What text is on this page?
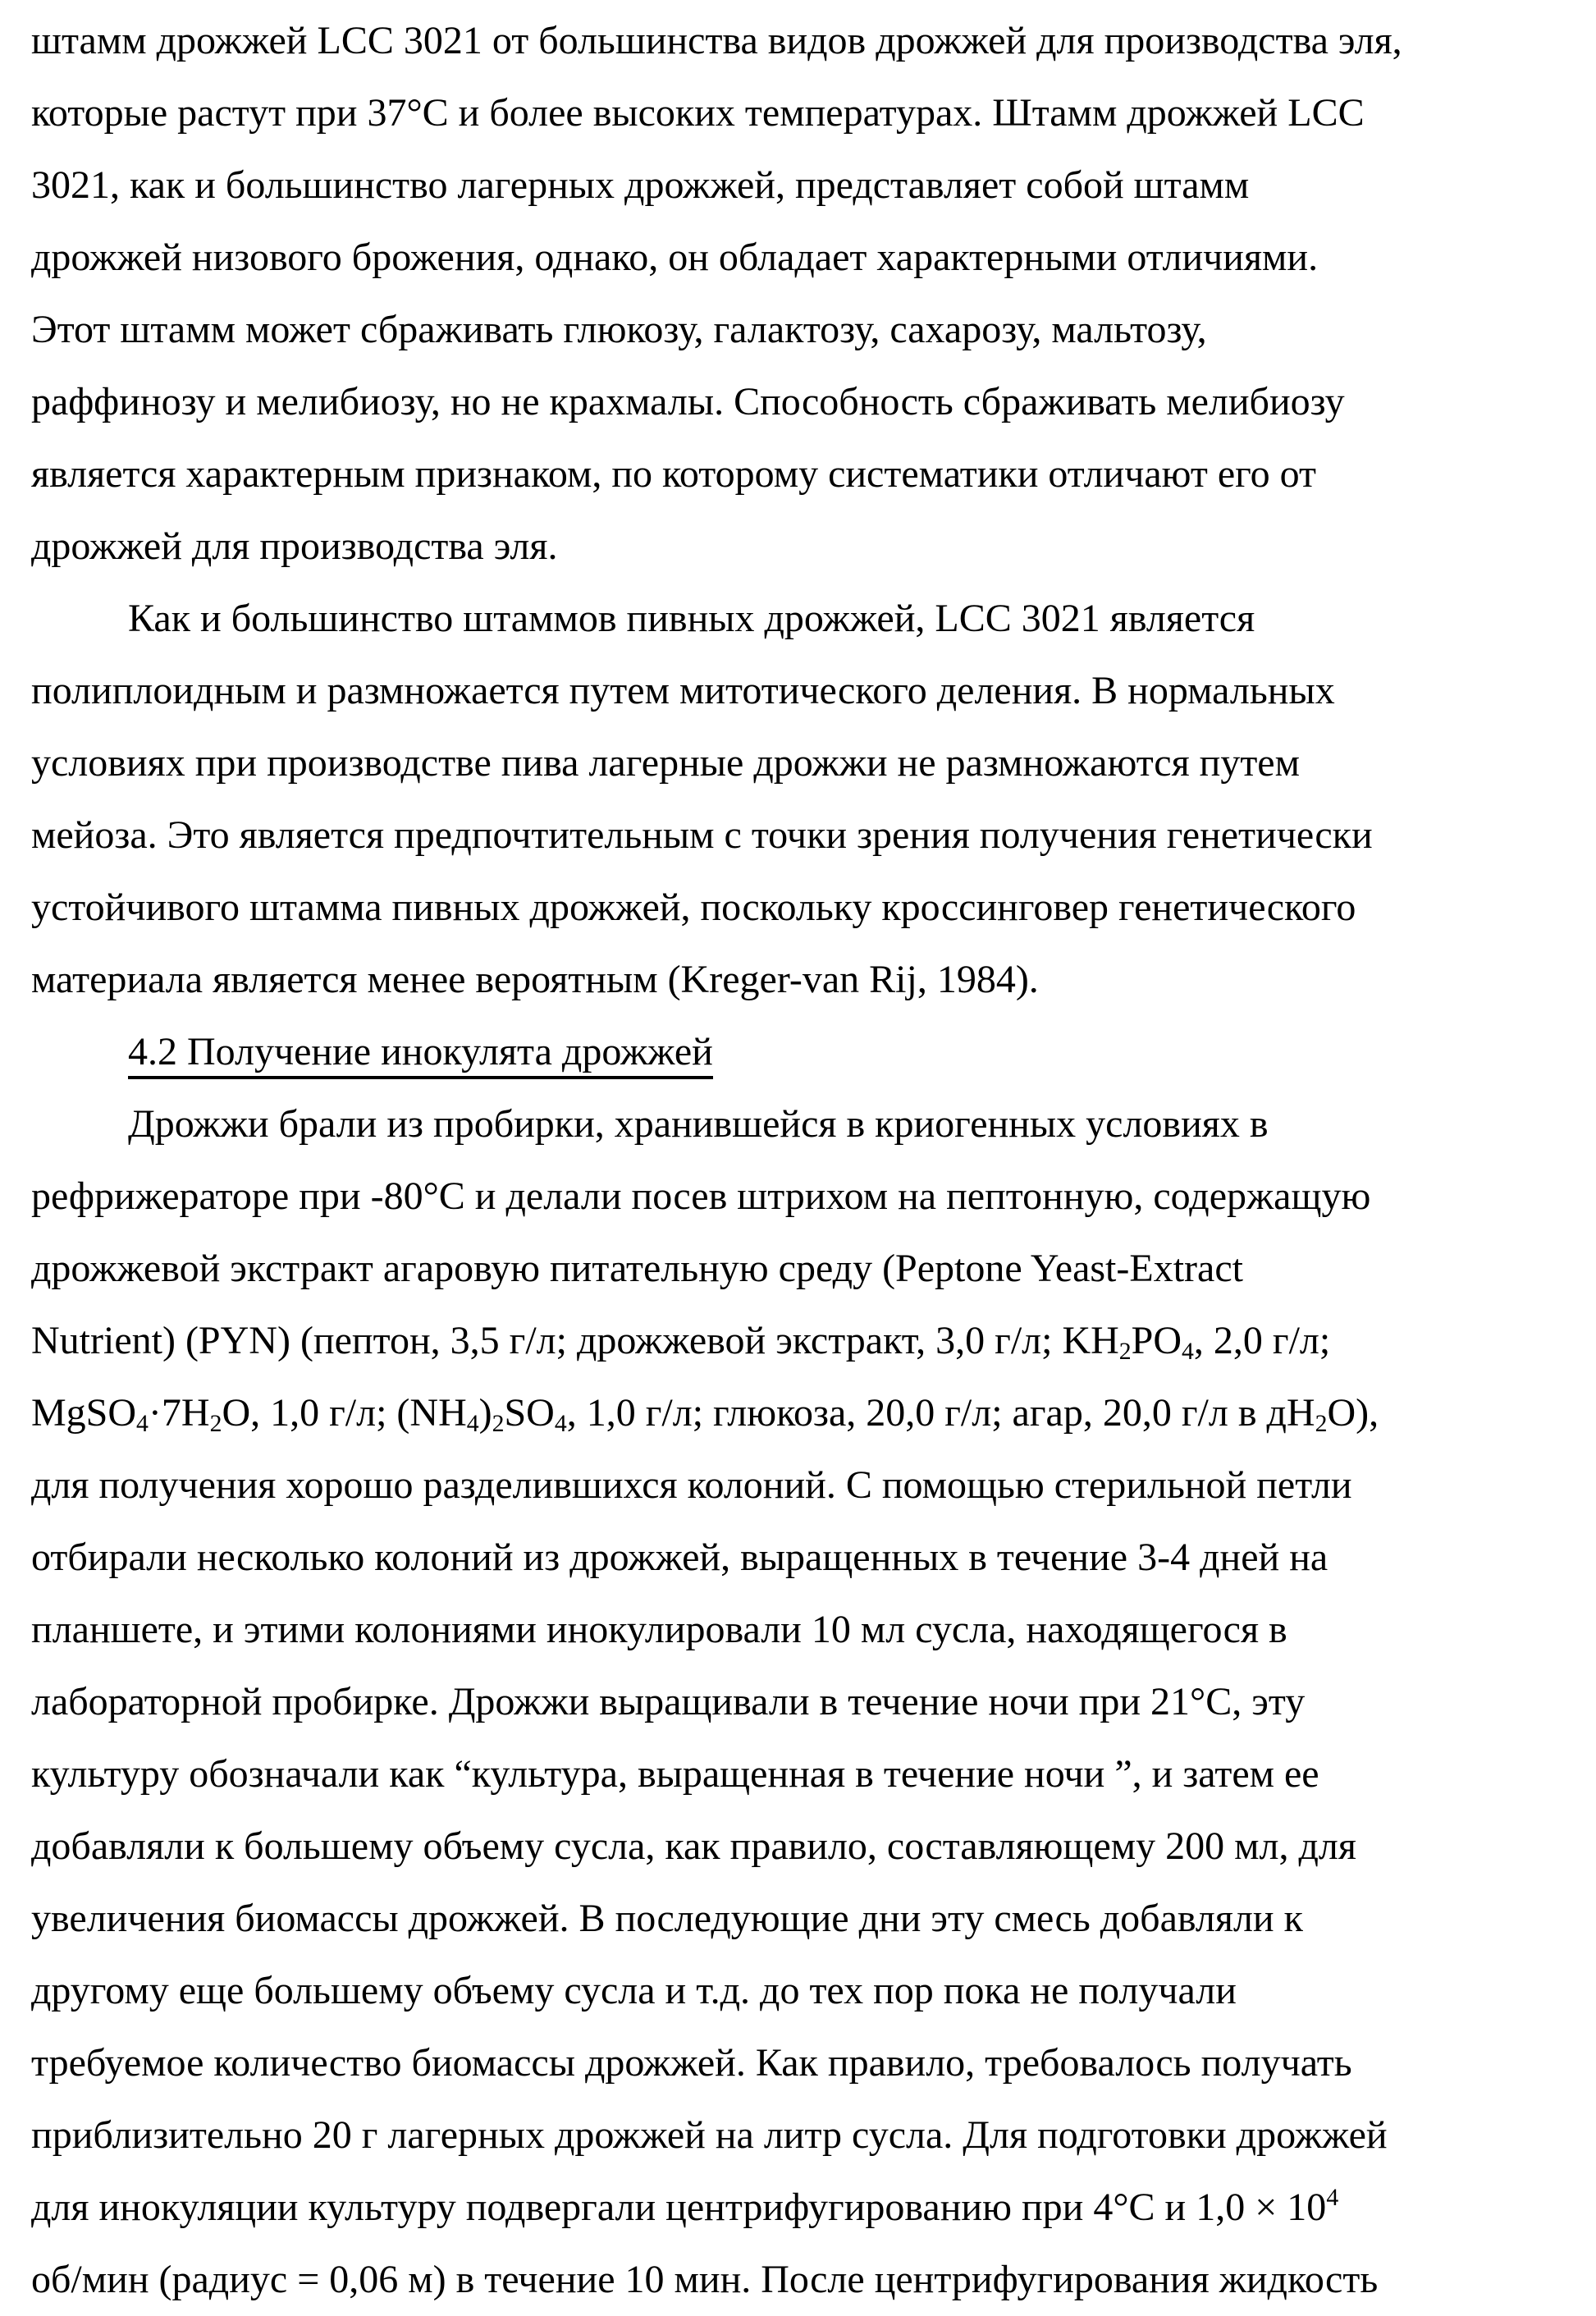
штамм дрожжей LCC 3021 от большинства видов дрожжей для производства эля,
которые растут при 37°C и более высоких температурах. Штамм дрожжей LCC
3021, как и большинство лагерных дрожжей, представляет собой штамм
дрожжей низового брожения, однако, он обладает характерными отличиями.
Этот штамм может сбраживать глюкозу, галактозу, сахарозу, мальтозу,
раффинозу и мелибиозу, но не крахмалы. Способность сбраживать мелибиозу
является характерным признаком, по которому систематики отличают его от
дрожжей для производства эля.
Как и большинство штаммов пивных дрожжей, LCC 3021 является
полиплоидным и размножается путем митотического деления. В нормальных
условиях при производстве пива лагерные дрожжи не размножаются путем
мейоза. Это является предпочтительным с точки зрения получения генетически
устойчивого штамма пивных дрожжей, поскольку кроссинговер генетического
материала является менее вероятным (Kreger-van Rij, 1984).
4.2 Получение инокулята дрожжей
Дрожжи брали из пробирки, хранившейся в криогенных условиях в
рефрижераторе при -80°C и делали посев штрихом на пептонную, содержащую
дрожжевой экстракт агаровую питательную среду (Peptone Yeast-Extract
Nutrient) (PYN) (пептон, 3,5 г/л; дрожжевой экстракт, 3,0 г/л; $KH_2PO_4$, 2,0 г/л;
$MgSO_4\cdot 7H_2O$, 1,0 г/л; $(NH_4)_2SO_4$, 1,0 г/л; глюкоза, 20,0 г/л; агар, 20,0 г/л в $дH_2O$),
для получения хорошо разделившихся колоний. С помощью стерильной петли
отбирали несколько колоний из дрожжей, выращенных в течение 3-4 дней на
планшете, и этими колониями инокулировали 10 мл сусла, находящегося в
лабораторной пробирке. Дрожжи выращивали в течение ночи при 21°C, эту
культуру обозначали как “культура, выращенная в течение ночи ”, и затем ее
добавляли к большему объему сусла, как правило, составляющему 200 мл, для
увеличения биомассы дрожжей. В последующие дни эту смесь добавляли к
другому еще большему объему сусла и т.д. до тех пор пока не получали
требуемое количество биомассы дрожжей. Как правило, требовалось получать
приблизительно 20 г лагерных дрожжей на литр сусла. Для подготовки дрожжей
для инокуляции культуру подвергали центрифугированию при 4°C и $1,0 \times 10^4$
об/мин (радиус = 0,06 м) в течение 10 мин. После центрифугирования жидкость
